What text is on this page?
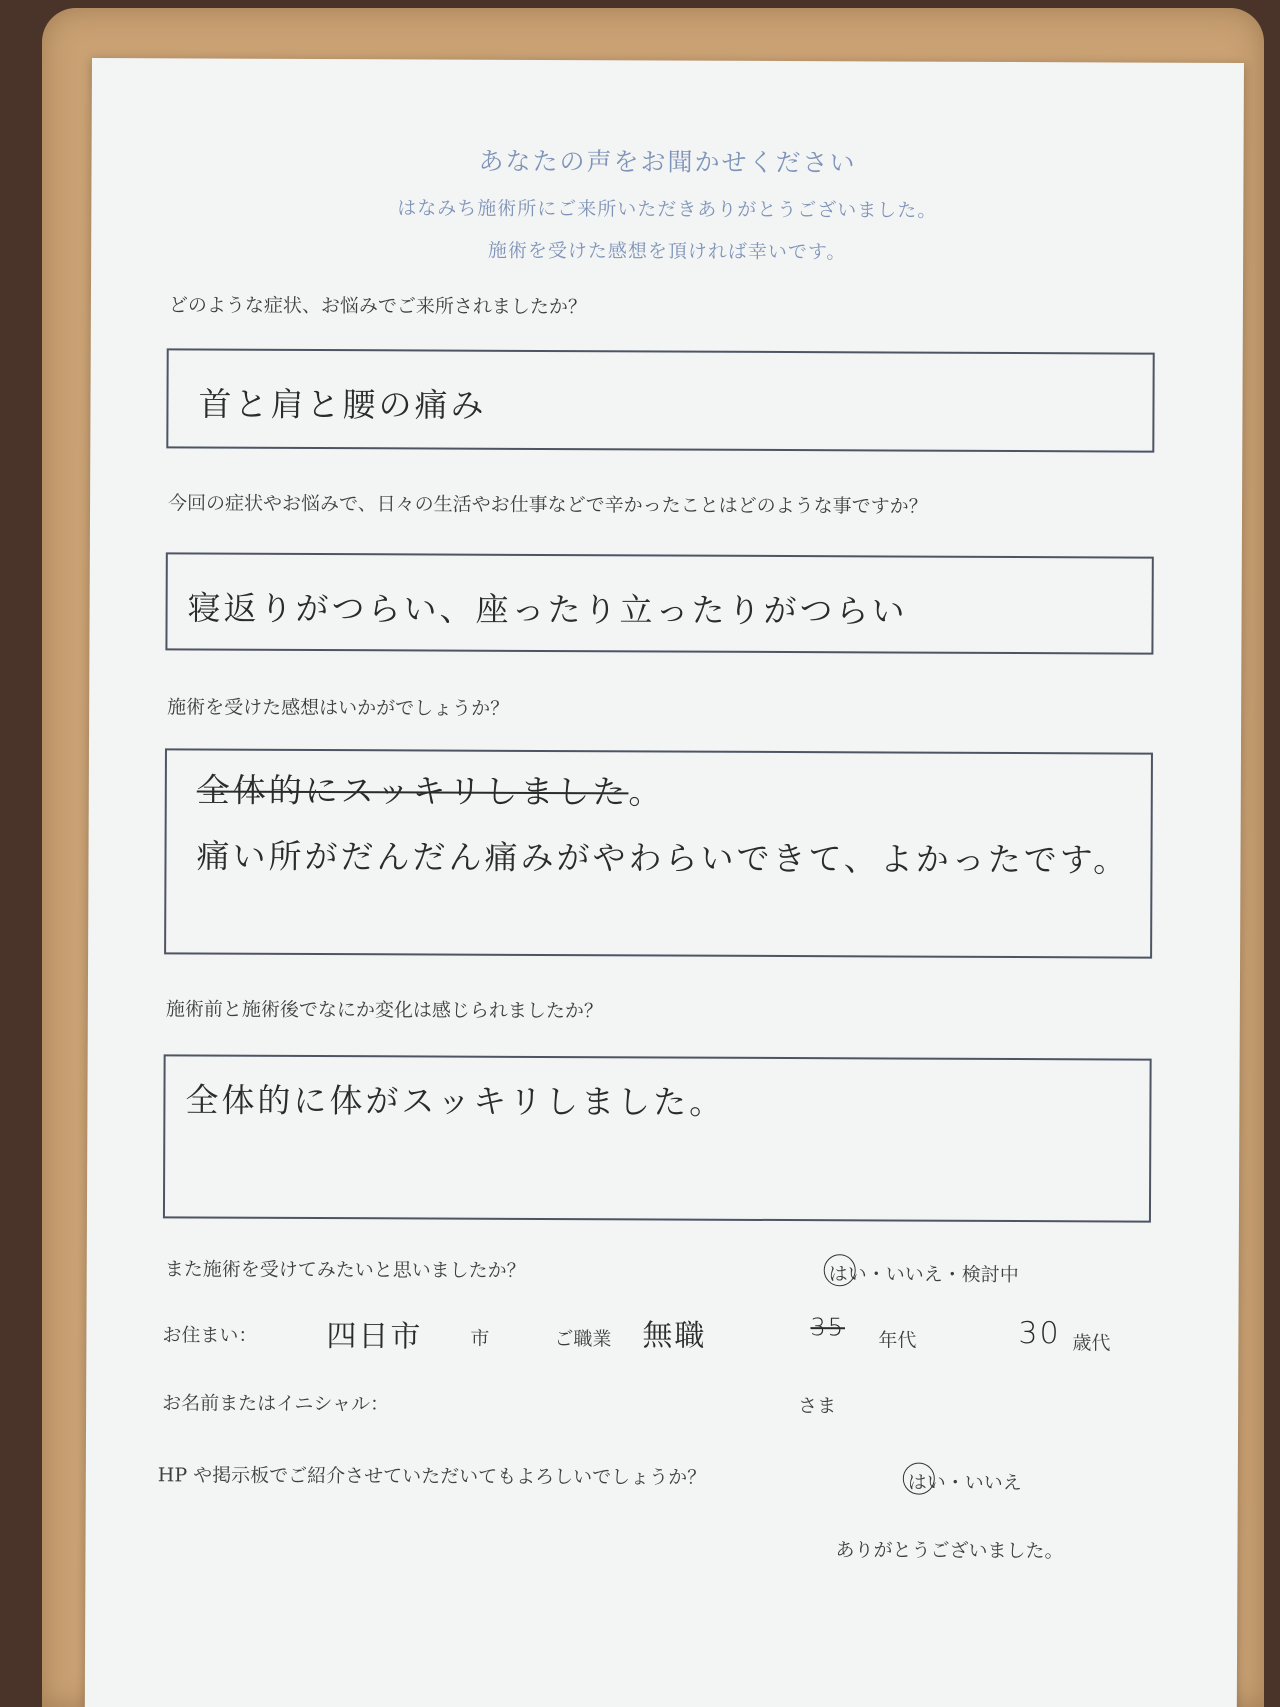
あなたの声をお聞かせください
はなみち施術所にご来所いただきありがとうございました。
施術を受けた感想を頂ければ幸いです。
どのような症状、お悩みでご来所されましたか？
首と肩と腰の痛み
今回の症状やお悩みで、日々の生活やお仕事などで辛かったことはどのような事ですか？
寝返りがつらい、座ったり立ったりがつらい
施術を受けた感想はいかがでしょうか？
全体的にスッキリしました。
痛い所がだんだん痛みがやわらいできて、よかったです。
施術前と施術後でなにか変化は感じられましたか？
全体的に体がスッキリしました。
また施術を受けてみたいと思いましたか？	はい・いいえ・検討中
お住まい： 四日市	市	ご職業 無職	35 年代	30 歳代
お名前またはイニシャル：	さま
HP や掲示板でご紹介させていただいてもよろしいでしょうか？	はい・いいえ
ありがとうございました。
